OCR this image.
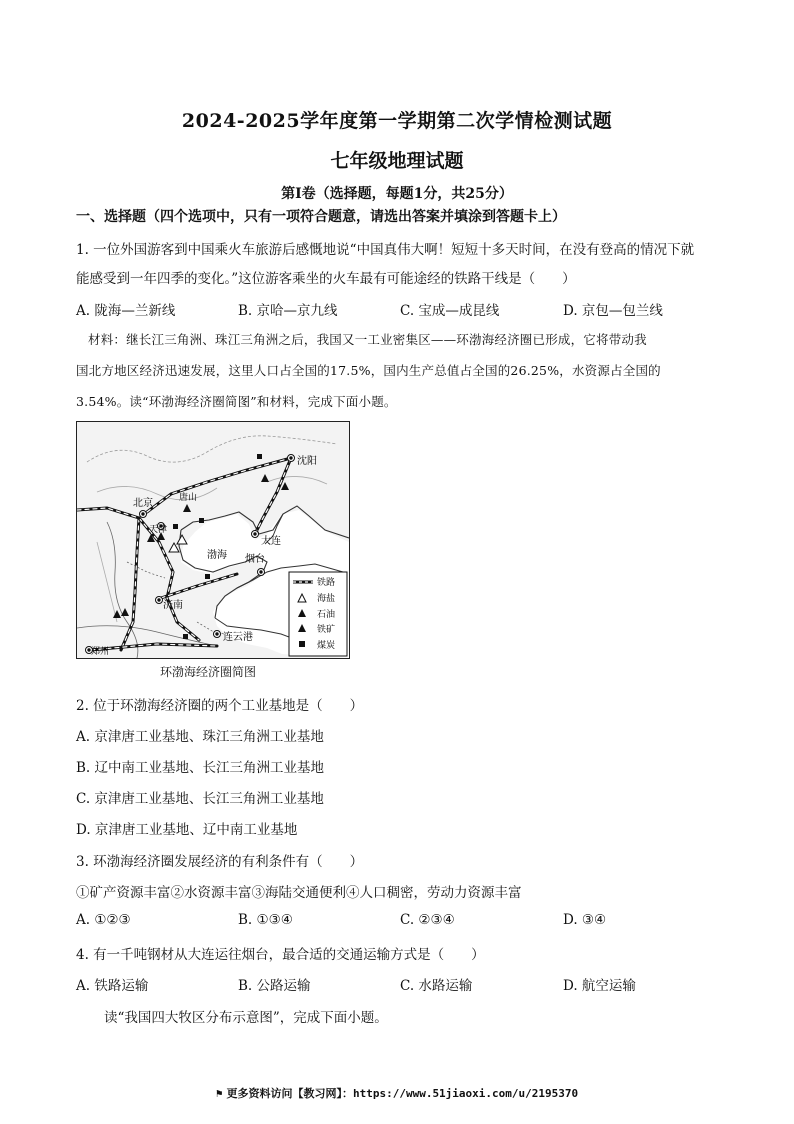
2024-2025学年度第一学期第二次学情检测试题
七年级地理试题
第Ⅰ卷（选择题，每题1分，共25分）
一、选择题（四个选项中，只有一项符合题意，请选出答案并填涂到答题卡上）
1. 一位外国游客到中国乘火车旅游后感慨地说“中国真伟大啊！短短十多天时间，在没有登高的情况下就
能感受到一年四季的变化。”这位游客乘坐的火车最有可能途经的铁路干线是（　　）
A. 陇海—兰新线	B. 京哈—京九线	C. 宝成—成昆线	D. 京包—包兰线
材料：继长江三角洲、珠江三角洲之后，我国又一工业密集区——环渤海经济圈已形成，它将带动我
国北方地区经济迅速发展，这里人口占全国的17.5%，国内生产总值占全国的26.25%，水资源占全国的
3.54%。读“环渤海经济圈简图”和材料，完成下面小题。
北京
天津
唐山
沈阳
大连
烟台
济南
连云港
郑州
渤海
铁路
海盐
石油
铁矿
煤炭
环渤海经济圈简图
2. 位于环渤海经济圈的两个工业基地是（　　）
A. 京津唐工业基地、珠江三角洲工业基地
B. 辽中南工业基地、长江三角洲工业基地
C. 京津唐工业基地、长江三角洲工业基地
D. 京津唐工业基地、辽中南工业基地
3. 环渤海经济圈发展经济的有利条件有（　　）
①矿产资源丰富②水资源丰富③海陆交通便利④人口稠密，劳动力资源丰富
A. ①②③	B. ①③④	C. ②③④	D. ③④
4. 有一千吨钢材从大连运往烟台，最合适的交通运输方式是（　　）
A. 铁路运输	B. 公路运输	C. 水路运输	D. 航空运输
读“我国四大牧区分布示意图”，完成下面小题。
⚑ 更多资料访问【教习网】：https://www.51jiaoxi.com/u/2195370
